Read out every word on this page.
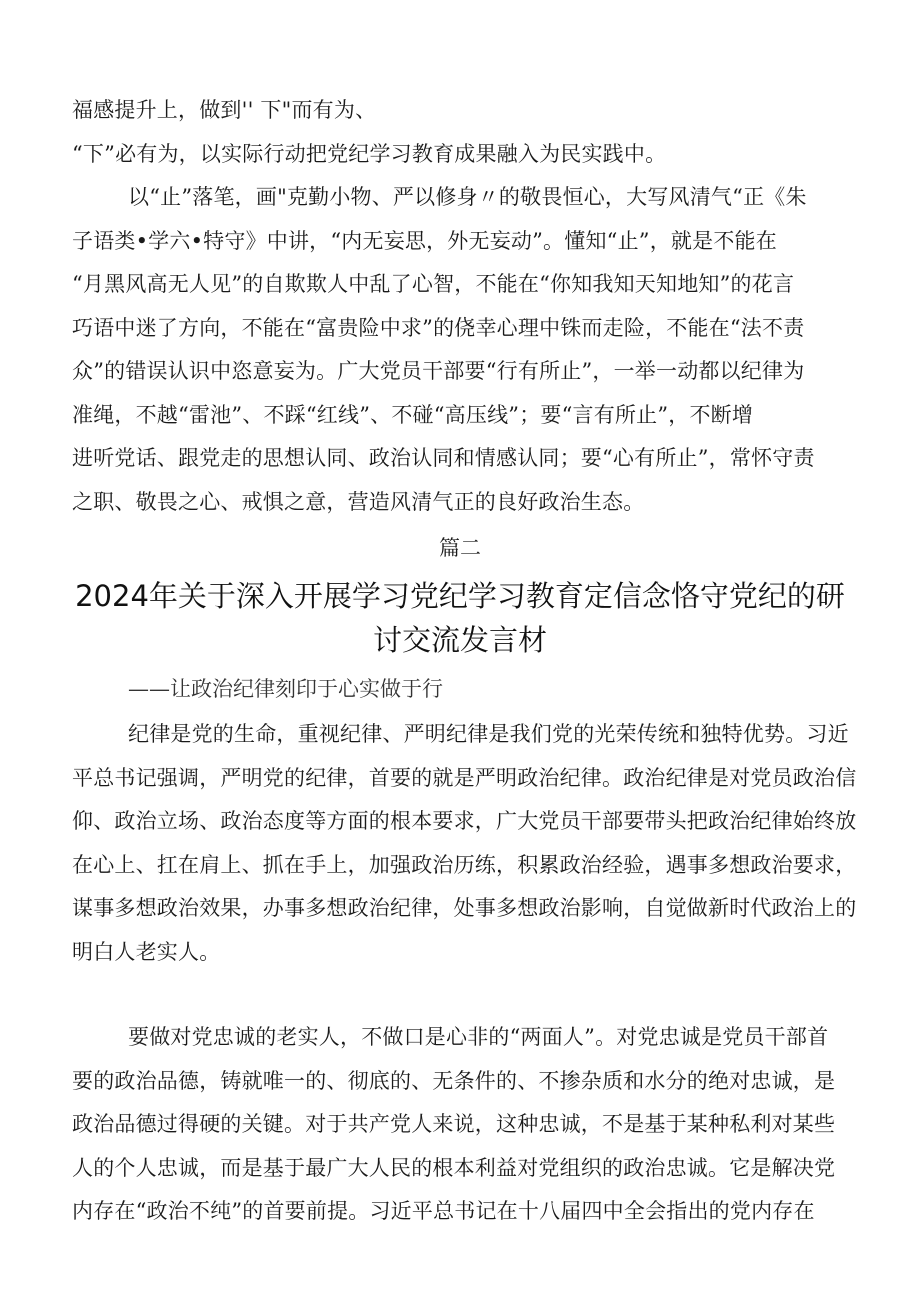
福感提升上，做到'' 下"而有为、
“下”必有为，以实际行动把党纪学习教育成果融入为民实践中。
以“止”落笔，画"克勤小物、严以修身〃的敬畏恒心，大写风清气“正《朱
子语类•学六•特守》中讲，“内无妄思，外无妄动”。懂知“止”，就是不能在
“月黑风高无人见”的自欺欺人中乱了心智，不能在“你知我知天知地知”的花言
巧语中迷了方向，不能在“富贵险中求”的侥幸心理中铢而走险，不能在“法不责
众”的错误认识中恣意妄为。广大党员干部要“行有所止”，一举一动都以纪律为
准绳，不越“雷池”、不踩“红线”、不碰“高压线”；要“言有所止”，不断增
进听党话、跟党走的思想认同、政治认同和情感认同；要“心有所止”，常怀守责
之职、敬畏之心、戒惧之意，营造风清气正的良好政治生态。
篇二
2024年关于深入开展学习党纪学习教育定信念恪守党纪的研
讨交流发言材
——让政治纪律刻印于心实做于行
纪律是党的生命，重视纪律、严明纪律是我们党的光荣传统和独特优势。习近
平总书记强调，严明党的纪律，首要的就是严明政治纪律。政治纪律是对党员政治信
仰、政治立场、政治态度等方面的根本要求，广大党员干部要带头把政治纪律始终放
在心上、扛在肩上、抓在手上，加强政治历练，积累政治经验，遇事多想政治要求，
谋事多想政治效果，办事多想政治纪律，处事多想政治影响，自觉做新时代政治上的
明白人老实人。
要做对党忠诚的老实人，不做口是心非的“两面人”。对党忠诚是党员干部首
要的政治品德，铸就唯一的、彻底的、无条件的、不掺杂质和水分的绝对忠诚，是
政治品德过得硬的关键。对于共产党人来说，这种忠诚，不是基于某种私利对某些
人的个人忠诚，而是基于最广大人民的根本利益对党组织的政治忠诚。它是解决党
内存在“政治不纯”的首要前提。习近平总书记在十八届四中全会指出的党内存在
